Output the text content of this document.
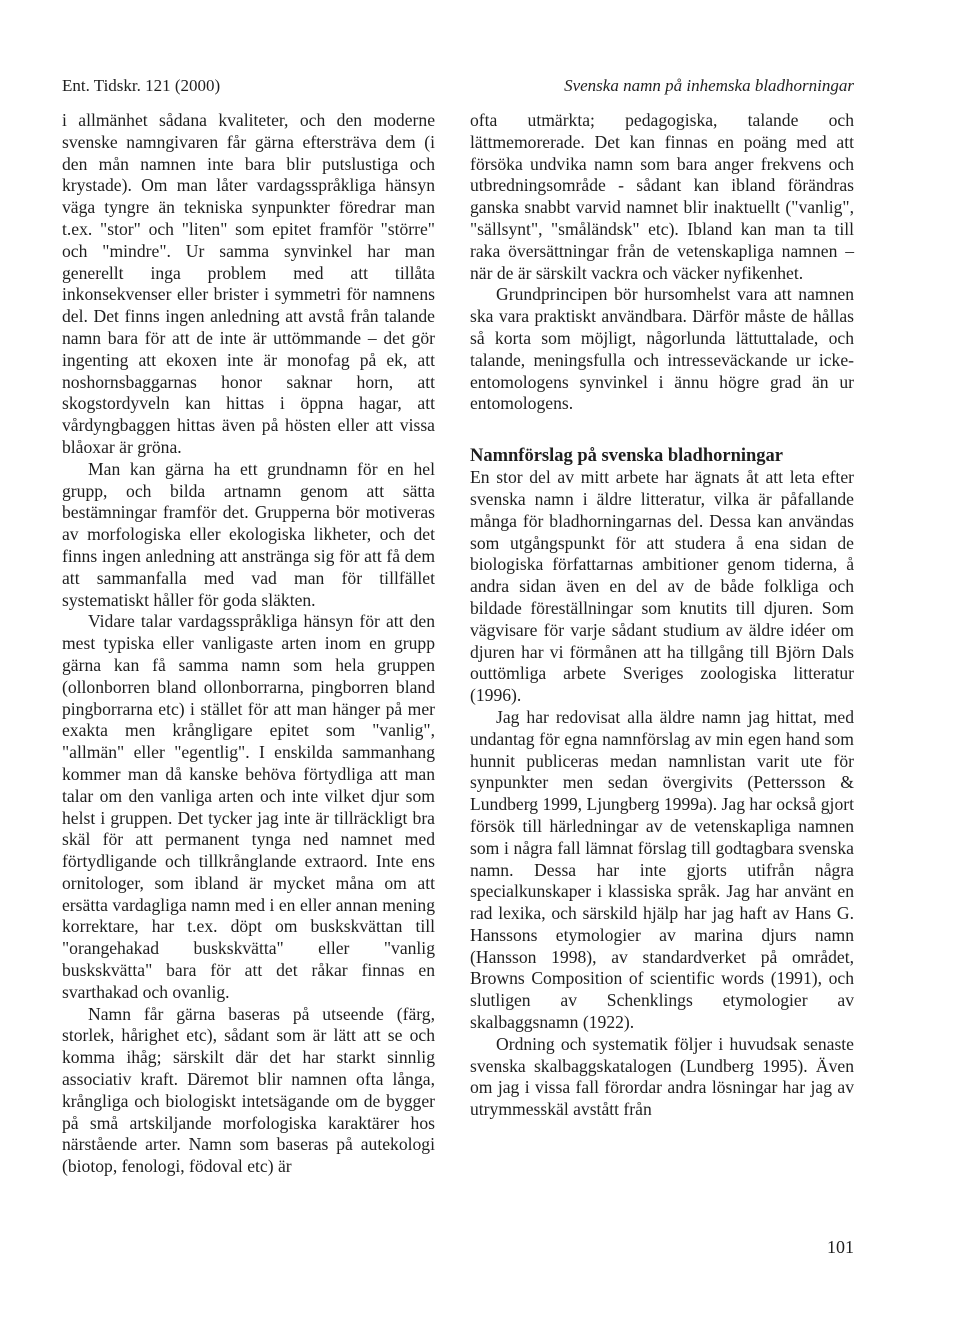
Ent. Tidskr. 121 (2000)	Svenska namn på inhemska bladhorningar

i allmänhet sådana kvaliteter, och den moderne svenske namngivaren får gärna eftersträva dem (i den mån namnen inte bara blir putslustiga och krystade). Om man låter vardagsspråkliga hänsyn väga tyngre än tekniska synpunkter föredrar man t.ex. "stor" och "liten" som epitet framför "större" och "mindre". Ur samma synvinkel har man generellt inga problem med att tillåta inkonsekvenser eller brister i symmetri för namnens del. Det finns ingen anledning att avstå från talande namn bara för att de inte är uttömmande – det gör ingenting att ekoxen inte är monofag på ek, att noshornsbaggarnas honor saknar horn, att skogstordyveln kan hittas i öppna hagar, att vårdyngbaggen hittas även på hösten eller att vissa blåoxar är gröna.

Man kan gärna ha ett grundnamn för en hel grupp, och bilda artnamn genom att sätta bestämningar framför det. Grupperna bör motiveras av morfologiska eller ekologiska likheter, och det finns ingen anledning att anstränga sig för att få dem att sammanfalla med vad man för tillfället systematiskt håller för goda släkten.

Vidare talar vardagsspråkliga hänsyn för att den mest typiska eller vanligaste arten inom en grupp gärna kan få samma namn som hela gruppen (ollonborren bland ollonborrarna, pingborren bland pingborrarna etc) i stället för att man hänger på mer exakta men krångligare epitet som "vanlig", "allmän" eller "egentlig". I enskilda sammanhang kommer man då kanske behöva förtydliga att man talar om den vanliga arten och inte vilket djur som helst i gruppen. Det tycker jag inte är tillräckligt bra skäl för att permanent tynga ned namnet med förtydligande och tillkrånglande extraord. Inte ens ornitologer, som ibland är mycket måna om att ersätta vardagliga namn med i en eller annan mening korrektare, har t.ex. döpt om buskskvättan till "orangehakad buskskvätta" eller "vanlig buskskvätta" bara för att det råkar finnas en svarthakad och ovanlig.

Namn får gärna baseras på utseende (färg, storlek, hårighet etc), sådant som är lätt att se och komma ihåg; särskilt där det har starkt sinnlig associativ kraft. Däremot blir namnen ofta långa, krångliga och biologiskt intetsägande om de bygger på små artskiljande morfologiska karaktärer hos närstående arter. Namn som baseras på autekologi (biotop, fenologi, födoval etc) är

ofta utmärkta; pedagogiska, talande och lättmemorerade. Det kan finnas en poäng med att försöka undvika namn som bara anger frekvens och utbredningsområde - sådant kan ibland förändras ganska snabbt varvid namnet blir inaktuellt ("vanlig", "sällsynt", "småländsk" etc). Ibland kan man ta till raka översättningar från de vetenskapliga namnen – när de är särskilt vackra och väcker nyfikenhet.

Grundprincipen bör hursomhelst vara att namnen ska vara praktiskt användbara. Därför måste de hållas så korta som möjligt, någorlunda lättuttalade, och talande, meningsfulla och intresseväckande ur icke-entomologens synvinkel i ännu högre grad än ur entomologens.

Namnförslag på svenska bladhorningar

En stor del av mitt arbete har ägnats åt att leta efter svenska namn i äldre litteratur, vilka är påfallande många för bladhorningarnas del. Dessa kan användas som utgångspunkt för att studera å ena sidan de biologiska författarnas ambitioner genom tiderna, å andra sidan även en del av de både folkliga och bildade föreställningar som knutits till djuren. Som vägvisare för varje sådant studium av äldre idéer om djuren har vi förmånen att ha tillgång till Björn Dals outtömliga arbete Sveriges zoologiska litteratur (1996).

Jag har redovisat alla äldre namn jag hittat, med undantag för egna namnförslag av min egen hand som hunnit publiceras medan namnlistan varit ute för synpunkter men sedan övergivits (Pettersson & Lundberg 1999, Ljungberg 1999a). Jag har också gjort försök till härledningar av de vetenskapliga namnen som i några fall lämnat förslag till godtagbara svenska namn. Dessa har inte gjorts utifrån några specialkunskaper i klassiska språk. Jag har använt en rad lexika, och särskild hjälp har jag haft av Hans G. Hanssons etymologier av marina djurs namn (Hansson 1998), av standardverket på området, Browns Composition of scientific words (1991), och slutligen av Schenklings etymologier av skalbaggsnamn (1922).

Ordning och systematik följer i huvudsak senaste svenska skalbaggskatalogen (Lundberg 1995). Även om jag i vissa fall förordar andra lösningar har jag av utrymmesskäl avstått från

101
